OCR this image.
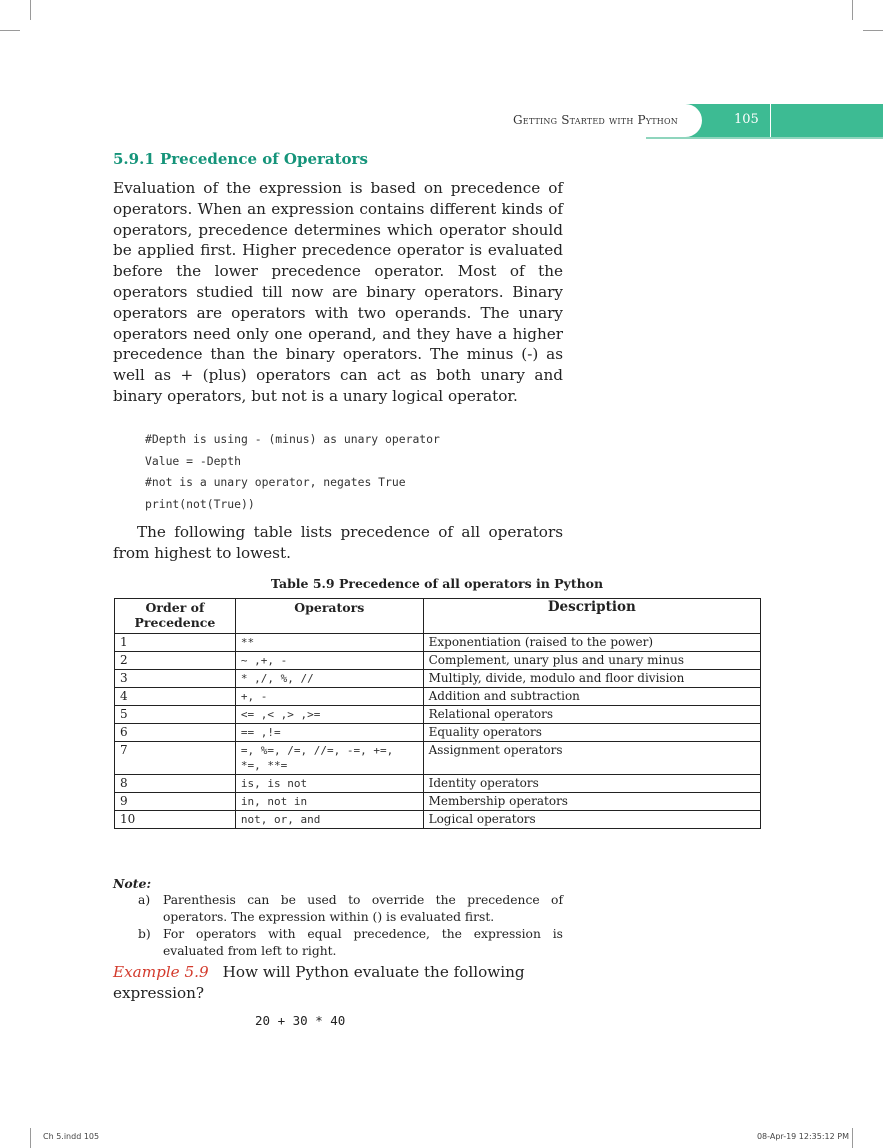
Getting Started with Python	105
5.9.1 Precedence of Operators
Evaluation of the expression is based on precedence of operators. When an expression contains different kinds of operators, precedence determines which operator should be applied first. Higher precedence operator is evaluated before the lower precedence operator. Most of the operators studied till now are binary operators. Binary operators are operators with two operands. The unary operators need only one operand, and they have a higher precedence than the binary operators. The minus (-) as well as + (plus) operators can act as both unary and binary operators, but not is a unary logical operator.
#Depth is using - (minus) as unary operator
Value = -Depth
#not is a unary operator, negates True
print(not(True))
The following table lists precedence of all operators from highest to lowest.
Table 5.9 Precedence of all operators in Python
Order of Precedence	Operators	Description
1	**	Exponentiation (raised to the power)
2	~ ,+, -	Complement, unary plus and unary minus
3	* ,/, %, //	Multiply, divide, modulo and floor division
4	+, -	Addition and subtraction
5	<= ,< ,> ,>=	Relational operators
6	== ,!=	Equality operators
7	=, %=, /=, //=, -=, +=, *=, **=	Assignment operators
8	is, is not	Identity operators
9	in, not in	Membership operators
10	not, or, and	Logical operators
Note:
a) Parenthesis can be used to override the precedence of operators. The expression within () is evaluated first.
b) For operators with equal precedence, the expression is evaluated from left to right.
Example 5.9 How will Python evaluate the following expression?
20 + 30 * 40
Ch 5.indd 105	08-Apr-19 12:35:12 PM
